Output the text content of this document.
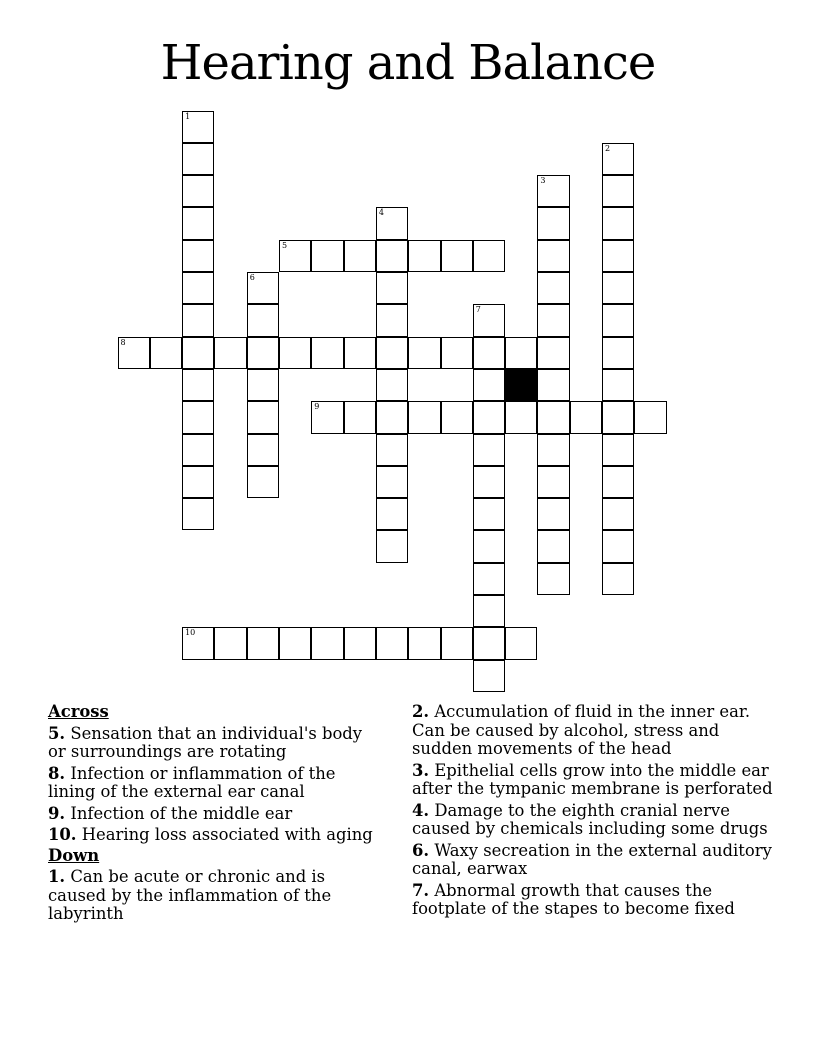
Hearing and Balance
5
8
9
10
1
2
3
4
6
7
Across
5. Sensation that an individual's body or surroundings are rotating
8. Infection or inflammation of the lining of the external ear canal
9. Infection of the middle ear
10. Hearing loss associated with aging
Down
1. Can be acute or chronic and is caused by the inflammation of the labyrinth
2. Accumulation of fluid in the inner ear. Can be caused by alcohol, stress and sudden movements of the head
3. Epithelial cells grow into the middle ear after the tympanic membrane is perforated
4. Damage to the eighth cranial nerve caused by chemicals including some drugs
6. Waxy secreation in the external auditory canal, earwax
7. Abnormal growth that causes the footplate of the stapes to become fixed
